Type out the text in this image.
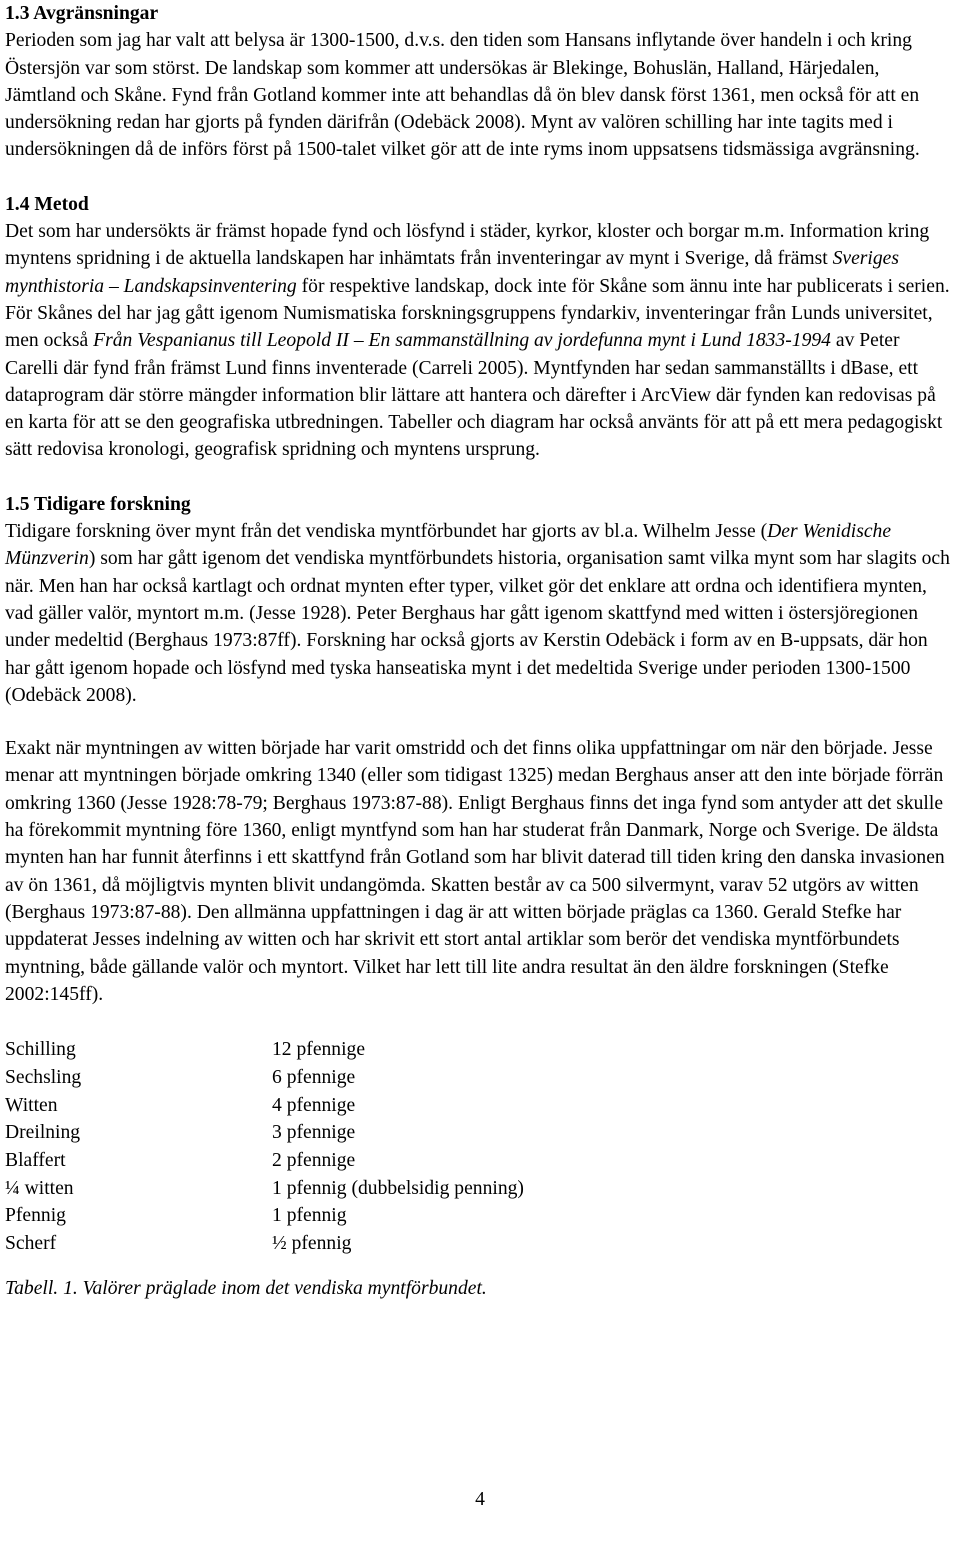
1.3 Avgränsningar

Perioden som jag har valt att belysa är 1300-1500, d.v.s. den tiden som Hansans inflytande över handeln i och kring Östersjön var som störst. De landskap som kommer att undersökas är Blekinge, Bohuslän, Halland, Härjedalen, Jämtland och Skåne. Fynd från Gotland kommer inte att behandlas då ön blev dansk först 1361, men också för att en undersökning redan har gjorts på fynden därifrån (Odebäck 2008). Mynt av valören schilling har inte tagits med i undersökningen då de införs först på 1500-talet vilket gör att de inte ryms inom uppsatsens tidsmässiga avgränsning.

1.4 Metod

Det som har undersökts är främst hopade fynd och lösfynd i städer, kyrkor, kloster och borgar m.m. Information kring myntens spridning i de aktuella landskapen har inhämtats från inventeringar av mynt i Sverige, då främst Sveriges mynthistoria – Landskapsinventering för respektive landskap, dock inte för Skåne som ännu inte har publicerats i serien. För Skånes del har jag gått igenom Numismatiska forskningsgruppens fyndarkiv, inventeringar från Lunds universitet, men också Från Vespanianus till Leopold II – En sammanställning av jordefunna mynt i Lund 1833-1994 av Peter Carelli där fynd från främst Lund finns inventerade (Carreli 2005). Myntfynden har sedan sammanställts i dBase, ett dataprogram där större mängder information blir lättare att hantera och därefter i ArcView där fynden kan redovisas på en karta för att se den geografiska utbredningen. Tabeller och diagram har också använts för att på ett mera pedagogiskt sätt redovisa kronologi, geografisk spridning och myntens ursprung.

1.5 Tidigare forskning

Tidigare forskning över mynt från det vendiska myntförbundet har gjorts av bl.a. Wilhelm Jesse (Der Wenidische Münzverin) som har gått igenom det vendiska myntförbundets historia, organisation samt vilka mynt som har slagits och när. Men han har också kartlagt och ordnat mynten efter typer, vilket gör det enklare att ordna och identifiera mynten, vad gäller valör, myntort m.m. (Jesse 1928). Peter Berghaus har gått igenom skattfynd med witten i östersjöregionen under medeltid (Berghaus 1973:87ff). Forskning har också gjorts av Kerstin Odebäck i form av en B-uppsats, där hon har gått igenom hopade och lösfynd med tyska hanseatiska mynt i det medeltida Sverige under perioden 1300-1500 (Odebäck 2008).

Exakt när myntningen av witten började har varit omstridd och det finns olika uppfattningar om när den började. Jesse menar att myntningen började omkring 1340 (eller som tidigast 1325) medan Berghaus anser att den inte började förrän omkring 1360 (Jesse 1928:78-79; Berghaus 1973:87-88). Enligt Berghaus finns det inga fynd som antyder att det skulle ha förekommit myntning före 1360, enligt myntfynd som han har studerat från Danmark, Norge och Sverige. De äldsta mynten han har funnit återfinns i ett skattfynd från Gotland som har blivit daterad till tiden kring den danska invasionen av ön 1361, då möjligtvis mynten blivit undangömda. Skatten består av ca 500 silvermynt, varav 52 utgörs av witten (Berghaus 1973:87-88). Den allmänna uppfattningen i dag är att witten började präglas ca 1360. Gerald Stefke har uppdaterat Jesses indelning av witten och har skrivit ett stort antal artiklar som berör det vendiska myntförbundets myntning, både gällande valör och myntort. Vilket har lett till lite andra resultat än den äldre forskningen (Stefke 2002:145ff).

Schilling	12 pfennige
Sechsling	6 pfennige
Witten	4 pfennige
Dreilning	3 pfennige
Blaffert	2 pfennige
¼ witten	1 pfennig (dubbelsidig penning)
Pfennig	1 pfennig
Scherf	½ pfennig

Tabell. 1. Valörer präglade inom det vendiska myntförbundet.

4
